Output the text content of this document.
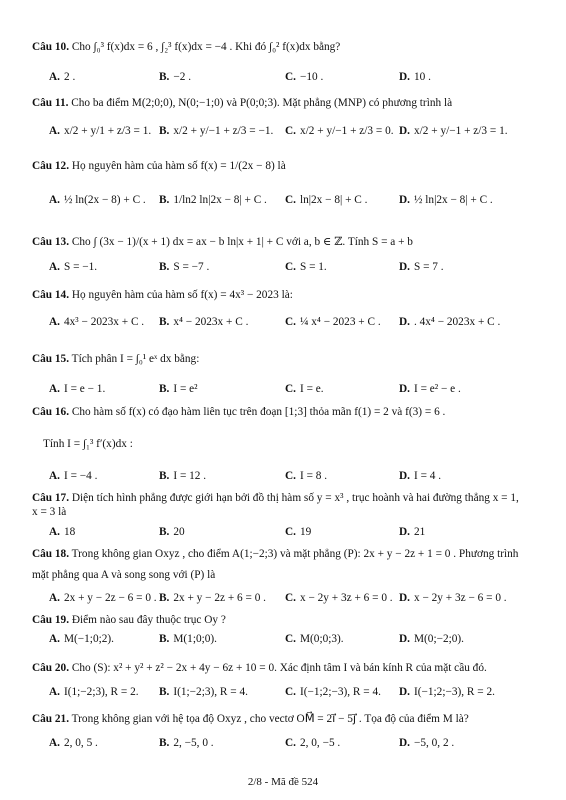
Câu 10. Cho ∫₀³ f(x)dx = 6 , ∫₂³ f(x)dx = −4 . Khi đó ∫₀² f(x)dx bằng?
A. 2 .	B. −2 .	C. −10 .	D. 10 .
Câu 11. Cho ba điểm M(2;0;0), N(0;−1;0) và P(0;0;3). Mặt phẳng (MNP) có phương trình là
A. x/2 + y/1 + z/3 = 1. B. x/2 + y/−1 + z/3 = −1. C. x/2 + y/−1 + z/3 = 0. D. x/2 + y/−1 + z/3 = 1.
Câu 12. Họ nguyên hàm của hàm số f(x) = 1/(2x − 8) là
A. ½ ln(2x − 8) + C . B. 1/ln2 ln|2x − 8| + C . C. ln|2x − 8| + C .	D. ½ ln|2x − 8| + C .
Câu 13. Cho ∫ (3x − 1)/(x + 1) dx = ax − b ln|x + 1| + C với a, b ∈ ℤ. Tính S = a + b
A. S = −1.	B. S = −7 .	C. S = 1.	D. S = 7 .
Câu 14. Họ nguyên hàm của hàm số f(x) = 4x³ − 2023 là:
A. 4x³ − 2023x + C . B. x⁴ − 2023x + C .	C. ¼ x⁴ − 2023 + C . D. . 4x⁴ − 2023x + C .
Câu 15. Tích phân I = ∫₀¹ eˣ dx bằng:
A. I = e − 1.	B. I = e²	C. I = e.	D. I = e² − e .
Câu 16. Cho hàm số f(x) có đạo hàm liên tục trên đoạn [1;3] thỏa mãn f(1) = 2 và f(3) = 6 .
Tính I = ∫₁³ f′(x)dx :
A. I = −4 .	B. I = 12 .	C. I = 8 .	D. I = 4 .
Câu 17. Diện tích hình phẳng được giới hạn bởi đồ thị hàm số y = x³ , trục hoành và hai đường thẳng x = 1,
x = 3 là
A. 18	B. 20	C. 19	D. 21
Câu 18. Trong không gian Oxyz , cho điểm A(1;−2;3) và mặt phẳng (P): 2x + y − 2z + 1 = 0 . Phương trình
mặt phẳng qua A và song song với (P) là
A. 2x + y − 2z − 6 = 0 . B. 2x + y − 2z + 6 = 0 . C. x − 2y + 3z + 6 = 0 . D. x − 2y + 3z − 6 = 0 .
Câu 19. Điểm nào sau đây thuộc trục Oy ?
A. M(−1;0;2).	B. M(1;0;0).	C. M(0;0;3).	D. M(0;−2;0).
Câu 20. Cho (S): x² + y² + z² − 2x + 4y − 6z + 10 = 0. Xác định tâm I và bán kính R của mặt cầu đó.
A. I(1;−2;3), R = 2. B. I(1;−2;3), R = 4.	C. I(−1;2;−3), R = 4. D. I(−1;2;−3), R = 2.
Câu 21. Trong không gian với hệ tọa độ Oxyz , cho vectơ OM⃗ = 2i⃗ − 5j⃗ . Tọa độ của điểm M là?
A. 2, 0, 5 .	B. 2, −5, 0 .	C. 2, 0, −5 .	D. −5, 0, 2 .
2/8 - Mã đề 524
